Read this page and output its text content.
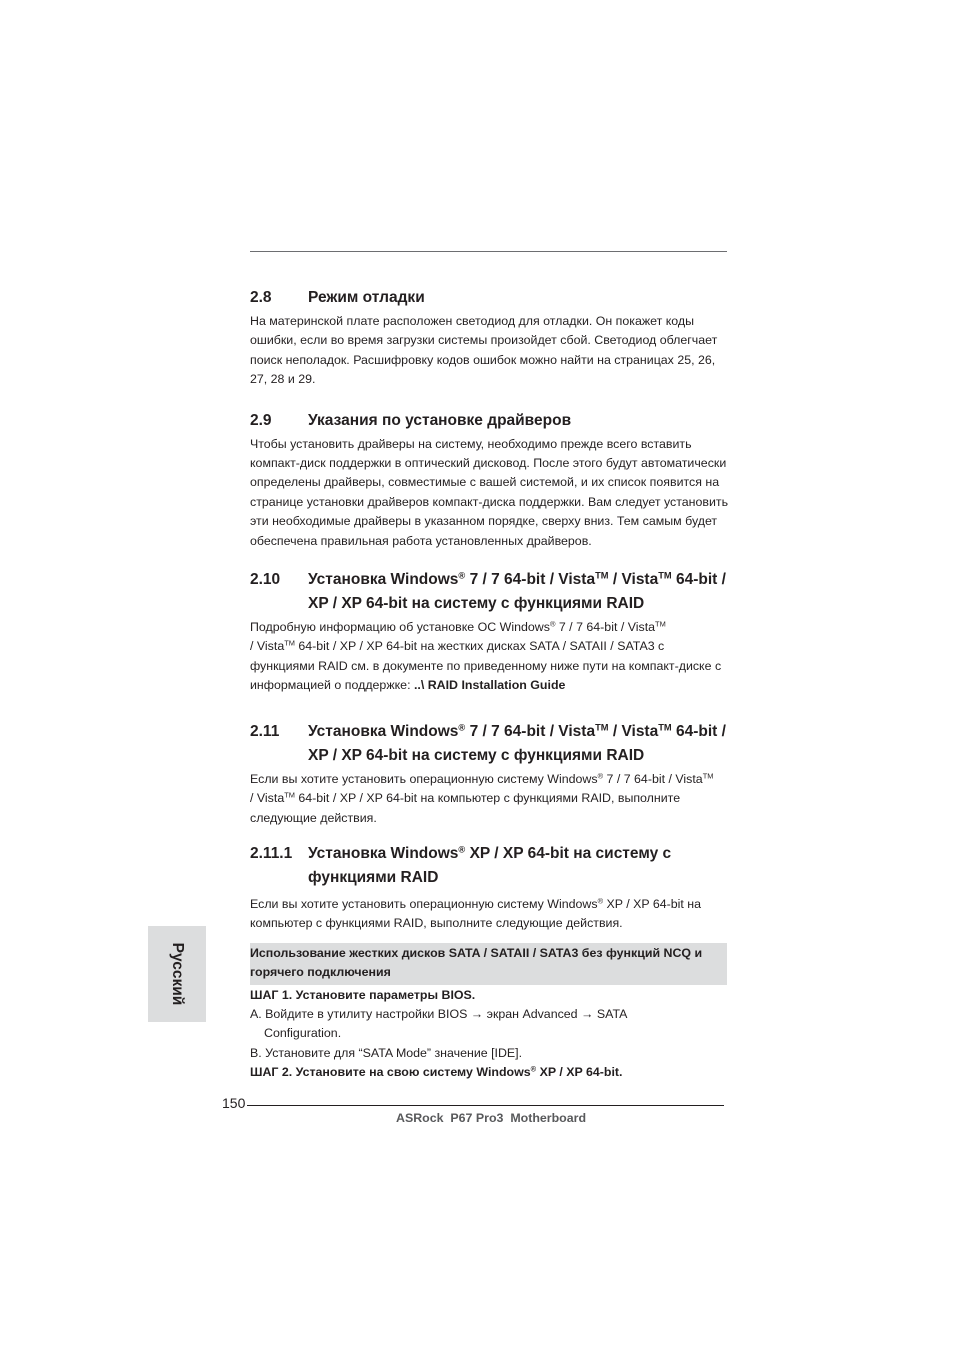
2.8	Режим отладки

На материнской плате расположен светодиод для отладки. Он покажет коды ошибки, если во время загрузки системы произойдет сбой. Светодиод облегчает поиск неполадок. Расшифровку кодов ошибок можно найти на страницах 25, 26, 27, 28 и 29.

2.9	Указания по установке драйверов

Чтобы установить драйверы на систему, необходимо прежде всего вставить компакт-диск поддержки в оптический дисковод. После этого будут автоматически определены драйверы, совместимые с вашей системой, и их список появится на странице установки драйверов компакт-диска поддержки. Вам следует установить эти необходимые драйверы в указанном порядке, сверху вниз. Тем самым будет обеспечена правильная работа установленных драйверов.

2.10	Установка Windows® 7 / 7 64-bit / Vista™ / Vista™ 64-bit / XP / XP 64-bit на систему с функциями RAID

Подробную информацию об установке ОС Windows® 7 / 7 64-bit / Vista™
/ Vista™ 64-bit / XP / XP 64-bit на жестких дисках SATA / SATAII / SATA3 с функциями RAID см. в документе по приведенному ниже пути на компакт-диске с информацией о поддержке: ..\ RAID Installation Guide

2.11	Установка Windows® 7 / 7 64-bit / Vista™ / Vista™ 64-bit / XP / XP 64-bit на систему с функциями RAID

Если вы хотите установить операционную систему Windows® 7 / 7 64-bit / Vista™
/ Vista™ 64-bit / XP / XP 64-bit на компьютер с функциями RAID, выполните следующие действия.

2.11.1	Установка Windows® XP / XP 64-bit на систему с функциями RAID

Если вы хотите установить операционную систему Windows® XP / XP 64-bit на компьютер с функциями RAID, выполните следующие действия.

Использование жестких дисков SATA / SATAII / SATA3 без функций NCQ и горячего подключения
ШАГ 1. Установите параметры BIOS.
A. Войдите в утилиту настройки BIOS → экран Advanced → SATA
Configuration.
B. Установите для “SATA Mode” значение [IDE].
ШАГ 2. Установите на свою систему Windows® XP / XP 64-bit.
Русский
150
ASRock  P67 Pro3  Motherboard
